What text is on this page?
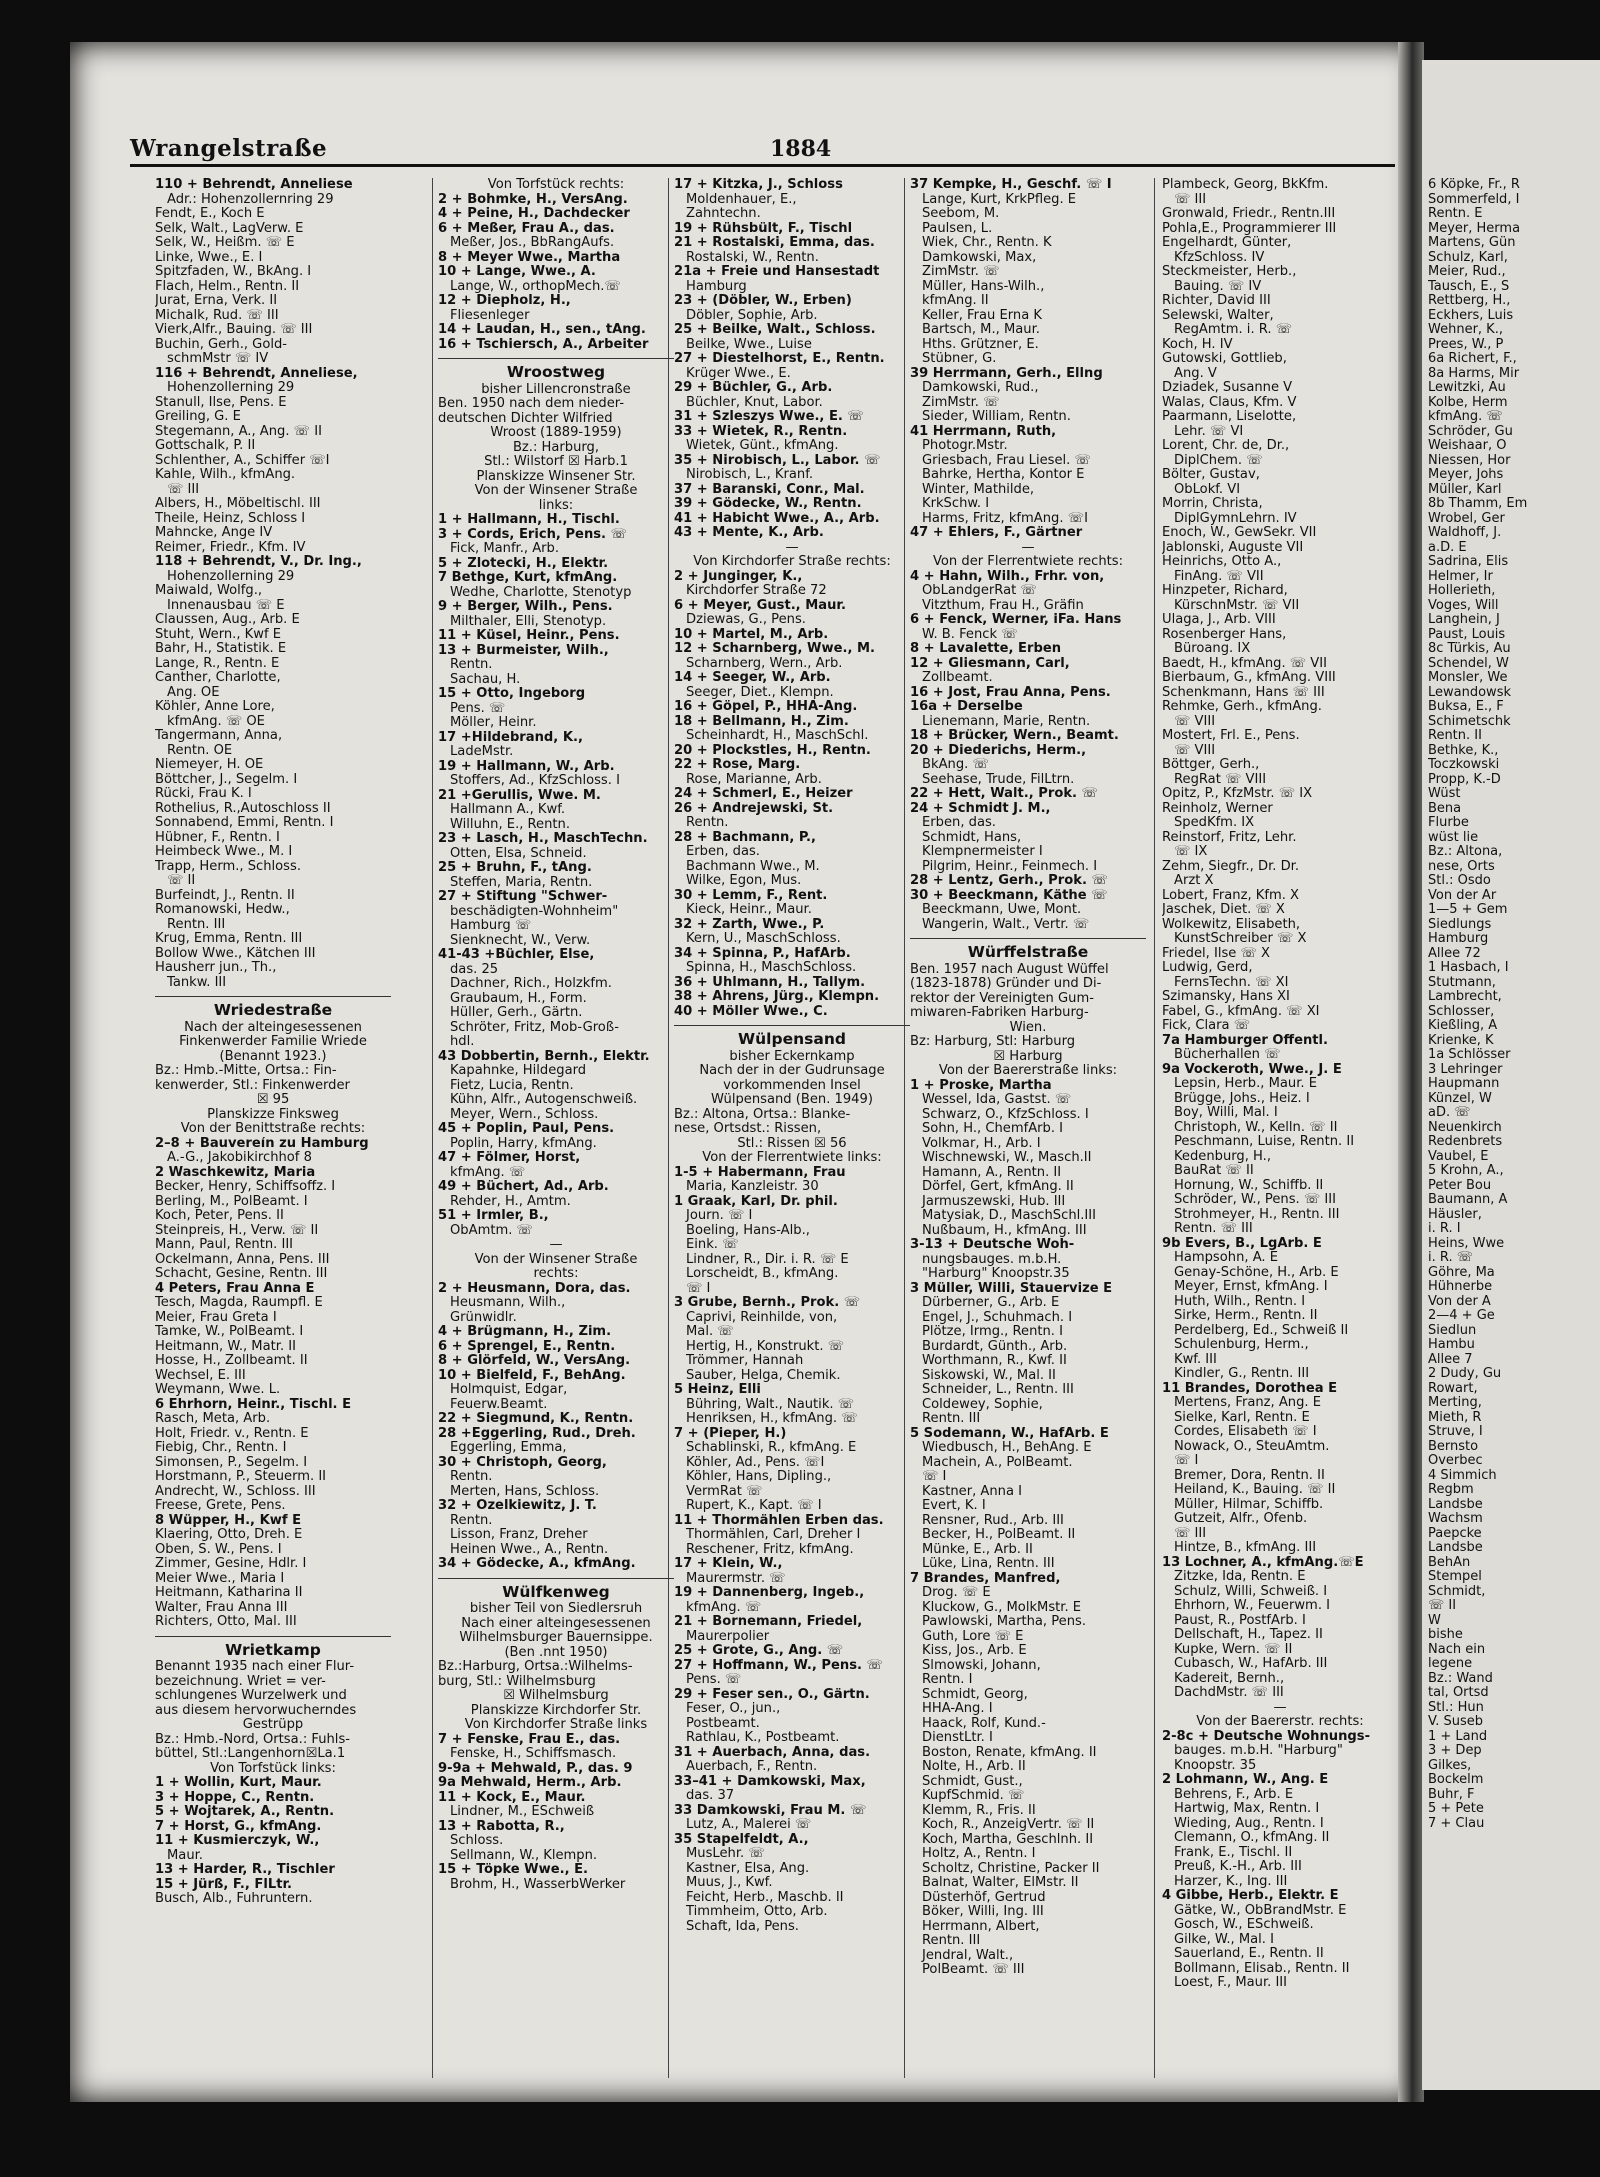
6 Köpke, Fr., R
Sommerfeld, I
Rentn. E
Meyer, Herma
Martens, Gün
Schulz, Karl,
Meier, Rud.,
Tausch, E., S
Rettberg, H.,
Eckhers, Luis
Wehner, K.,
Prees, W., P
6a Richert, F.,
8a Harms, Mir
Lewitzki, Au
Kolbe, Herm
kfmAng. ☏
Schröder, Gu
Weishaar, O
Niessen, Hor
Meyer, Johs
Müller, Karl
8b Thamm, Em
Wrobel, Ger
Waldhoff, J.
a.D. E
Sadrina, Elis
Helmer, Ir
Hollerieth,
Voges, Will
Langhein, J
Paust, Louis
8c Türkis, Au
Schendel, W
Monsler, We
Lewandowsk
Buksa, E., F
Schimetschk
Rentn. II
Bethke, K.,
Toczkowski
Propp, K.-D
Wüst
Bena
Flurbe
wüst lie
Bz.: Altona,
nese, Orts
Stl.: Osdo
Von der Ar
1—5 + Gem
Siedlungs
Hamburg
Allee 72
1 Hasbach, I
Stutmann,
Lambrecht,
Schlosser,
Kießling, A
Krienke, K
1a Schlösser
3 Lehringer
Haupmann
Künzel, W
aD. ☏
Neuenkirch
Redenbrets
Vaubel, E
5 Krohn, A.,
Peter Bou
Baumann, A
Häusler,
i. R. I
Heins, Wwe
i. R. ☏
Göhre, Ma
Hühnerbe
Von der A
2—4 + Ge
Siedlun
Hambu
Allee 7
2 Dudy, Gu
Rowart,
Merting,
Mieth, R
Struve, I
Bernsto
Overbec
4 Simmich
Regbm
Landsbe
Wachsm
Paepcke
Landsbe
BehAn
Stempel
Schmidt,
☏ II
W
bishe
Nach ein
legene
Bz.: Wand
tal, Ortsd
Stl.: Hun
V. Suseb
1 + Land
3 + Dep
Gilkes,
Bockelm
Buhr, F
5 + Pete
7 + Clau
Wrangelstraße	1884
110 + Behrendt, Anneliese
Adr.: Hohenzollernring 29
Fendt, E., Koch E
Selk, Walt., LagVerw. E
Selk, W., Heißm. ☏ E
Linke, Wwe., E. I
Spitzfaden, W., BkAng. I
Flach, Helm., Rentn. II
Jurat, Erna, Verk. II
Michalk, Rud. ☏ III
Vierk,Alfr., Bauing. ☏ III
Buchin, Gerh., Gold-
schmMstr ☏ IV
116 + Behrendt, Anneliese,
Hohenzollerning 29
Stanull, Ilse, Pens. E
Greiling, G. E
Stegemann, A., Ang. ☏ II
Gottschalk, P. II
Schlenther, A., Schiffer ☏I
Kahle, Wilh., kfmAng.
☏ III
Albers, H., Möbeltischl. III
Theile, Heinz, Schloss I
Mahncke, Ange IV
Reimer, Friedr., Kfm. IV
118 + Behrendt, V., Dr. Ing.,
Hohenzollerning 29
Maiwald, Wolfg.,
Innenausbau ☏ E
Claussen, Aug., Arb. E
Stuht, Wern., Kwf E
Bahr, H., Statistik. E
Lange, R., Rentn. E
Canther, Charlotte,
Ang. OE
Köhler, Anne Lore,
kfmAng. ☏ OE
Tangermann, Anna,
Rentn. OE
Niemeyer, H. OE
Böttcher, J., Segelm. I
Rücki, Frau K. I
Rothelius, R.,Autoschloss II
Sonnabend, Emmi, Rentn. I
Hübner, F., Rentn. I
Heimbeck Wwe., M. I
Trapp, Herm., Schloss.
☏ II
Burfeindt, J., Rentn. II
Romanowski, Hedw.,
Rentn. III
Krug, Emma, Rentn. III
Bollow Wwe., Kätchen III
Hausherr jun., Th.,
Tankw. III
Wriedestraße
Nach der alteingesessenen
Finkenwerder Familie Wriede
(Benannt 1923.)
Bz.: Hmb.-Mitte, Ortsa.: Fin-
kenwerder, Stl.: Finkenwerder
☒ 95
Planskizze Finksweg
Von der Benittstraße rechts:
2–8 + Bauvereín zu Hamburg
A.-G., Jakobikirchhof 8
2 Waschkewitz, Maria
Becker, Henry, Schiffsoffz. I
Berling, M., PolBeamt. I
Koch, Peter, Pens. II
Steinpreis, H., Verw. ☏ II
Mann, Paul, Rentn. III
Ockelmann, Anna, Pens. III
Schacht, Gesine, Rentn. III
4 Peters, Frau Anna E
Tesch, Magda, Raumpfl. E
Meier, Frau Greta I
Tamke, W., PolBeamt. I
Heitmann, W., Matr. II
Hosse, H., Zollbeamt. II
Wechsel, E. III
Weymann, Wwe. L.
6 Ehrhorn, Heinr., Tischl. E
Rasch, Meta, Arb.
Holt, Friedr. v., Rentn. E
Fiebig, Chr., Rentn. I
Simonsen, P., Segelm. I
Horstmann, P., Steuerm. II
Andrecht, W., Schloss. III
Freese, Grete, Pens.
8 Wüpper, H., Kwf E
Klaering, Otto, Dreh. E
Oben, S. W., Pens. I
Zimmer, Gesine, Hdlr. I
Meier Wwe., Maria I
Heitmann, Katharina II
Walter, Frau Anna III
Richters, Otto, Mal. III
Wrietkamp
Benannt 1935 nach einer Flur-
bezeichnung. Wriet = ver-
schlungenes Wurzelwerk und
aus diesem hervorwucherndes
Gestrüpp
Bz.: Hmb.-Nord, Ortsa.: Fuhls-
büttel, Stl.:Langenhorn☒La.1
Von Torfstück links:
1 + Wollin, Kurt, Maur.
3 + Hoppe, C., Rentn.
5 + Wojtarek, A., Rentn.
7 + Horst, G., kfmAng.
11 + Kusmierczyk, W.,
Maur.
13 + Harder, R., Tischler
15 + Jürß, F., FlLtr.
Busch, Alb., Fuhruntern.
Von Torfstück rechts:
2 + Bohmke, H., VersAng.
4 + Peine, H., Dachdecker
6 + Meßer, Frau A., das.
Meßer, Jos., BbRangAufs.
8 + Meyer Wwe., Martha
10 + Lange, Wwe., A.
Lange, W., orthopMech.☏
12 + Diepholz, H.,
Fliesenleger
14 + Laudan, H., sen., tAng.
16 + Tschiersch, A., Arbeiter
Wroostweg
bisher Lillencronstraße
Ben. 1950 nach dem nieder-
deutschen Dichter Wilfried
Wroost (1889-1959)
Bz.: Harburg,
Stl.: Wilstorf ☒ Harb.1
Planskizze Winsener Str.
Von der Winsener Straße
links:
1 + Hallmann, H., Tischl.
3 + Cords, Erich, Pens. ☏
Fick, Manfr., Arb.
5 + Zlotecki, H., Elektr.
7 Bethge, Kurt, kfmAng.
Wedhe, Charlotte, Stenotyp
9 + Berger, Wilh., Pens.
Milthaler, Elli, Stenotyp.
11 + Küsel, Heinr., Pens.
13 + Burmeister, Wilh.,
Rentn.
Sachau, H.
15 + Otto, Ingeborg
Pens. ☏
Möller, Heinr.
17 +Hildebrand, K.,
LadeMstr.
19 + Hallmann, W., Arb.
Stoffers, Ad., KfzSchloss. I
21 +Gerullis, Wwe. M.
Hallmann A., Kwf.
Willuhn, E., Rentn.
23 + Lasch, H., MaschTechn.
Otten, Elsa, Schneid.
25 + Bruhn, F., tAng.
Steffen, Maria, Rentn.
27 + Stiftung "Schwer-
beschädigten-Wohnheim"
Hamburg ☏
Sienknecht, W., Verw.
41-43 +Büchler, Else,
das. 25
Dachner, Rich., Holzkfm.
Graubaum, H., Form.
Hüller, Gerh., Gärtn.
Schröter, Fritz, Mob-Groß-
hdl.
43 Dobbertin, Bernh., Elektr.
Kapahnke, Hildegard
Fietz, Lucia, Rentn.
Kühn, Alfr., Autogenschweiß.
Meyer, Wern., Schloss.
45 + Poplin, Paul, Pens.
Poplin, Harry, kfmAng.
47 + Fölmer, Horst,
kfmAng. ☏
49 + Büchert, Ad., Arb.
Rehder, H., Amtm.
51 + Irmler, B.,
ObAmtm. ☏
—
Von der Winsener Straße
rechts:
2 + Heusmann, Dora, das.
Heusmann, Wilh.,
Grünwidlr.
4 + Brügmann, H., Zim.
6 + Sprengel, E., Rentn.
8 + Glörfeld, W., VersAng.
10 + Bielfeld, F., BehAng.
Holmquist, Edgar,
Feuerw.Beamt.
22 + Siegmund, K., Rentn.
28 +Eggerling, Rud., Dreh.
Eggerling, Emma,
30 + Christoph, Georg,
Rentn.
Merten, Hans, Schloss.
32 + Ozelkiewitz, J. T.
Rentn.
Lisson, Franz, Dreher
Heinen Wwe., A., Rentn.
34 + Gödecke, A., kfmAng.
Wülfkenweg
bisher Teil von Siedlersruh
Nach einer alteingesessenen
Wilhelmsburger Bauernsippe.
(Ben .nnt 1950)
Bz.:Harburg, Ortsa.:Wilhelms-
burg, Stl.: Wilhelmsburg
☒ Wilhelmsburg
Planskizze Kirchdorfer Str.
Von Kirchdorfer Straße links
7 + Fenske, Frau E., das.
Fenske, H., Schiffsmasch.
9-9a + Mehwald, P., das. 9
9a Mehwald, Herm., Arb.
11 + Kock, E., Maur.
Lindner, M., ESchweiß
13 + Rabotta, R.,
Schloss.
Sellmann, W., Klempn.
15 + Töpke Wwe., E.
Brohm, H., WasserbWerker
17 + Kitzka, J., Schloss
Moldenhauer, E.,
Zahntechn.
19 + Rühsbült, F., Tischl
21 + Rostalski, Emma, das.
Rostalski, W., Rentn.
21a + Freie und Hansestadt
Hamburg
23 + (Döbler, W., Erben)
Döbler, Sophie, Arb.
25 + Beilke, Walt., Schloss.
Beilke, Wwe., Luise
27 + Diestelhorst, E., Rentn.
Krüger Wwe., E.
29 + Büchler, G., Arb.
Büchler, Knut, Labor.
31 + Szleszys Wwe., E. ☏
33 + Wietek, R., Rentn.
Wietek, Günt., kfmAng.
35 + Nirobisch, L., Labor. ☏
Nirobisch, L., Kranf.
37 + Baranski, Conr., Mal.
39 + Gödecke, W., Rentn.
41 + Habicht Wwe., A., Arb.
43 + Mente, K., Arb.
—
Von Kirchdorfer Straße rechts:
2 + Junginger, K.,
Kirchdorfer Straße 72
6 + Meyer, Gust., Maur.
Dziewas, G., Pens.
10 + Martel, M., Arb.
12 + Scharnberg, Wwe., M.
Scharnberg, Wern., Arb.
14 + Seeger, W., Arb.
Seeger, Diet., Klempn.
16 + Göpel, P., HHA-Ang.
18 + Bellmann, H., Zim.
Scheinhardt, H., MaschSchl.
20 + Plockstles, H., Rentn.
22 + Rose, Marg.
Rose, Marianne, Arb.
24 + Schmerl, E., Heizer
26 + Andrejewski, St.
Rentn.
28 + Bachmann, P.,
Erben, das.
Bachmann Wwe., M.
Wilke, Egon, Mus.
30 + Lemm, F., Rent.
Kieck, Heinr., Maur.
32 + Zarth, Wwe., P.
Kern, U., MaschSchloss.
34 + Spinna, P., HafArb.
Spinna, H., MaschSchloss.
36 + Uhlmann, H., Tallym.
38 + Ahrens, Jürg., Klempn.
40 + Möller Wwe., C.
Wülpensand
bisher Eckernkamp
Nach der in der Gudrunsage
vorkommenden Insel
Wülpensand (Ben. 1949)
Bz.: Altona, Ortsa.: Blanke-
nese, Ortsdst.: Rissen,
Stl.: Rissen ☒ 56
Von der Flerrentwiete links:
1-5 + Habermann, Frau
Maria, Kanzleistr. 30
1 Graak, Karl, Dr. phil.
Journ. ☏ I
Boeling, Hans-Alb.,
Eink. ☏
Lindner, R., Dir. i. R. ☏ E
Lorscheidt, B., kfmAng.
☏ I
3 Grube, Bernh., Prok. ☏
Caprivi, Reinhilde, von,
Mal. ☏
Hertig, H., Konstrukt. ☏
Trömmer, Hannah
Sauber, Helga, Chemik.
5 Heinz, Elli
Bühring, Walt., Nautik. ☏
Henriksen, H., kfmAng. ☏
7 + (Pieper, H.)
Schablinski, R., kfmAng. E
Köhler, Ad., Pens. ☏I
Köhler, Hans, Dipling.,
VermRat ☏
Rupert, K., Kapt. ☏ I
11 + Thormählen Erben das.
Thormählen, Carl, Dreher I
Reschener, Fritz, kfmAng.
17 + Klein, W.,
Maurermstr. ☏
19 + Dannenberg, Ingeb.,
kfmAng. ☏
21 + Bornemann, Friedel,
Maurerpolier
25 + Grote, G., Ang. ☏
27 + Hoffmann, W., Pens. ☏
Pens. ☏
29 + Feser sen., O., Gärtn.
Feser, O., jun.,
Postbeamt.
Rathlau, K., Postbeamt.
31 + Auerbach, Anna, das.
Auerbach, F., Rentn.
33–41 + Damkowski, Max,
das. 37
33 Damkowski, Frau M. ☏
Lutz, A., Malerei ☏
35 Stapelfeldt, A.,
MusLehr. ☏
Kastner, Elsa, Ang.
Muus, J., Kwf.
Feicht, Herb., Maschb. II
Timmheim, Otto, Arb.
Schaft, Ida, Pens.
37 Kempke, H., Geschf. ☏ I
Lange, Kurt, KrkPfleg. E
Seebom, M.
Paulsen, L.
Wiek, Chr., Rentn. K
Damkowski, Max,
ZimMstr. ☏
Müller, Hans-Wilh.,
kfmAng. II
Keller, Frau Erna K
Bartsch, M., Maur.
Hths. Grützner, E.
Stübner, G.
39 Herrmann, Gerh., Ellng
Damkowski, Rud.,
ZimMstr. ☏
Sieder, William, Rentn.
41 Herrmann, Ruth,
Photogr.Mstr.
Griesbach, Frau Liesel. ☏
Bahrke, Hertha, Kontor E
Winter, Mathilde,
KrkSchw. I
Harms, Fritz, kfmAng. ☏I
47 + Ehlers, F., Gärtner
—
Von der Flerrentwiete rechts:
4 + Hahn, Wilh., Frhr. von,
ObLandgerRat ☏
Vitzthum, Frau H., Gräfin
6 + Fenck, Werner, iFa. Hans
W. B. Fenck ☏
8 + Lavalette, Erben
12 + Gliesmann, Carl,
Zollbeamt.
16 + Jost, Frau Anna, Pens.
16a + Derselbe
Lienemann, Marie, Rentn.
18 + Brücker, Wern., Beamt.
20 + Diederichs, Herm.,
BkAng. ☏
Seehase, Trude, FilLtrn.
22 + Hett, Walt., Prok. ☏
24 + Schmidt J. M.,
Erben, das.
Schmidt, Hans,
Klempnermeister I
Pilgrim, Heinr., Feinmech. I
28 + Lentz, Gerh., Prok. ☏
30 + Beeckmann, Käthe ☏
Beeckmann, Uwe, Mont.
Wangerin, Walt., Vertr. ☏
Würffelstraße
Ben. 1957 nach August Wüffel
(1823-1878) Gründer und Di-
rektor der Vereinigten Gum-
miwaren-Fabriken Harburg-
Wien.
Bz: Harburg, Stl: Harburg
☒ Harburg
Von der Baererstraße links:
1 + Proske, Martha
Wessel, Ida, Gastst. ☏
Schwarz, O., KfzSchloss. I
Sohn, H., ChemfArb. I
Volkmar, H., Arb. I
Wischnewski, W., Masch.II
Hamann, A., Rentn. II
Dörfel, Gert, kfmAng. II
Jarmuszewski, Hub. III
Matysiak, D., MaschSchl.III
Nußbaum, H., kfmAng. III
3-13 + Deutsche Woh-
nungsbauges. m.b.H.
"Harburg" Knoopstr.35
3 Müller, Willi, Stauervize E
Dürberner, G., Arb. E
Engel, J., Schuhmach. I
Plötze, Irmg., Rentn. I
Burdardt, Günth., Arb.
Worthmann, R., Kwf. II
Siskowski, W., Mal. II
Schneider, L., Rentn. III
Coldewey, Sophie,
Rentn. III
5 Sodemann, W., HafArb. E
Wiedbusch, H., BehAng. E
Machein, A., PolBeamt.
☏ I
Kastner, Anna I
Evert, K. I
Rensner, Rud., Arb. III
Becker, H., PolBeamt. II
Münke, E., Arb. II
Lüke, Lina, Rentn. III
7 Brandes, Manfred,
Drog. ☏ E
Kluckow, G., MolkMstr. E
Pawlowski, Martha, Pens.
Guth, Lore ☏ E
Kiss, Jos., Arb. E
Slmowski, Johann,
Rentn. I
Schmidt, Georg,
HHA-Ang. I
Haack, Rolf, Kund.-
DienstLtr. I
Boston, Renate, kfmAng. II
Nolte, H., Arb. II
Schmidt, Gust.,
KupfSchmid. ☏
Klemm, R., Fris. II
Koch, R., AnzeigVertr. ☏ II
Koch, Martha, Geschlnh. II
Holtz, A., Rentn. I
Scholtz, Christine, Packer II
Balnat, Walter, ElMstr. II
Düsterhöf, Gertrud
Böker, Willi, Ing. III
Herrmann, Albert,
Rentn. III
Jendral, Walt.,
PolBeamt. ☏ III
Plambeck, Georg, BkKfm.
☏ III
Gronwald, Friedr., Rentn.III
Pohla,E., Programmierer III
Engelhardt, Günter,
KfzSchloss. IV
Steckmeister, Herb.,
Bauing. ☏ IV
Richter, David III
Selewski, Walter,
RegAmtm. i. R. ☏
Koch, H. IV
Gutowski, Gottlieb,
Ang. V
Dziadek, Susanne V
Walas, Claus, Kfm. V
Paarmann, Liselotte,
Lehr. ☏ VI
Lorent, Chr. de, Dr.,
DiplChem. ☏
Bölter, Gustav,
ObLokf. VI
Morrin, Christa,
DiplGymnLehrn. IV
Enoch, W., GewSekr. VII
Jablonski, Auguste VII
Heinrichs, Otto A.,
FinAng. ☏ VII
Hinzpeter, Richard,
KürschnMstr. ☏ VII
Ulaga, J., Arb. VIII
Rosenberger Hans,
Büroang. IX
Baedt, H., kfmAng. ☏ VII
Bierbaum, G., kfmAng. VIII
Schenkmann, Hans ☏ III
Rehmke, Gerh., kfmAng.
☏ VIII
Mostert, Frl. E., Pens.
☏ VIII
Böttger, Gerh.,
RegRat ☏ VIII
Opitz, P., KfzMstr. ☏ IX
Reinholz, Werner
SpedKfm. IX
Reinstorf, Fritz, Lehr.
☏ IX
Zehm, Siegfr., Dr. Dr.
Arzt X
Lobert, Franz, Kfm. X
Jaschek, Diet. ☏ X
Wolkewitz, Elisabeth,
KunstSchreiber ☏ X
Friedel, Ilse ☏ X
Ludwig, Gerd,
FernsTechn. ☏ XI
Szimansky, Hans XI
Fabel, G., kfmAng. ☏ XI
Fick, Clara ☏
7a Hamburger Öffentl.
Bücherhallen ☏
9a Vockeroth, Wwe., J. E
Lepsin, Herb., Maur. E
Brügge, Johs., Heiz. I
Boy, Willi, Mal. I
Christoph, W., Kelln. ☏ II
Peschmann, Luise, Rentn. II
Kedenburg, H.,
BauRat ☏ II
Hornung, W., Schiffb. II
Schröder, W., Pens. ☏ III
Strohmeyer, H., Rentn. III
Rentn. ☏ III
9b Evers, B., LgArb. E
Hampsohn, A. E
Genay-Schöne, H., Arb. E
Meyer, Ernst, kfmAng. I
Huth, Wilh., Rentn. I
Sirke, Herm., Rentn. II
Perdelberg, Ed., Schweiß II
Schulenburg, Herm.,
Kwf. III
Kindler, G., Rentn. III
11 Brandes, Dorothea E
Mertens, Franz, Ang. E
Sielke, Karl, Rentn. E
Cordes, Elisabeth ☏ I
Nowack, O., SteuAmtm.
☏ I
Bremer, Dora, Rentn. II
Heiland, K., Bauing. ☏ II
Müller, Hilmar, Schiffb.
Gutzeit, Alfr., Ofenb.
☏ III
Hintze, B., kfmAng. III
13 Lochner, A., kfmAng.☏E
Zitzke, Ida, Rentn. E
Schulz, Willi, Schweiß. I
Ehrhorn, W., Feuerwm. I
Paust, R., PostfArb. I
Dellschaft, H., Tapez. II
Kupke, Wern. ☏ II
Cubasch, W., HafArb. III
Kadereit, Bernh.,
DachdMstr. ☏ III
—
Von der Baererstr. rechts:
2-8c + Deutsche Wohnungs-
bauges. m.b.H. "Harburg"
Knoopstr. 35
2 Lohmann, W., Ang. E
Behrens, F., Arb. E
Hartwig, Max, Rentn. I
Wieding, Aug., Rentn. I
Clemann, O., kfmAng. II
Frank, E., Tischl. II
Preuß, K.-H., Arb. III
Harzer, K., Ing. III
4 Gibbe, Herb., Elektr. E
Gätke, W., ObBrandMstr. E
Gosch, W., ESchweiß.
Gilke, W., Mal. I
Sauerland, E., Rentn. II
Bollmann, Elisab., Rentn. II
Loest, F., Maur. III
